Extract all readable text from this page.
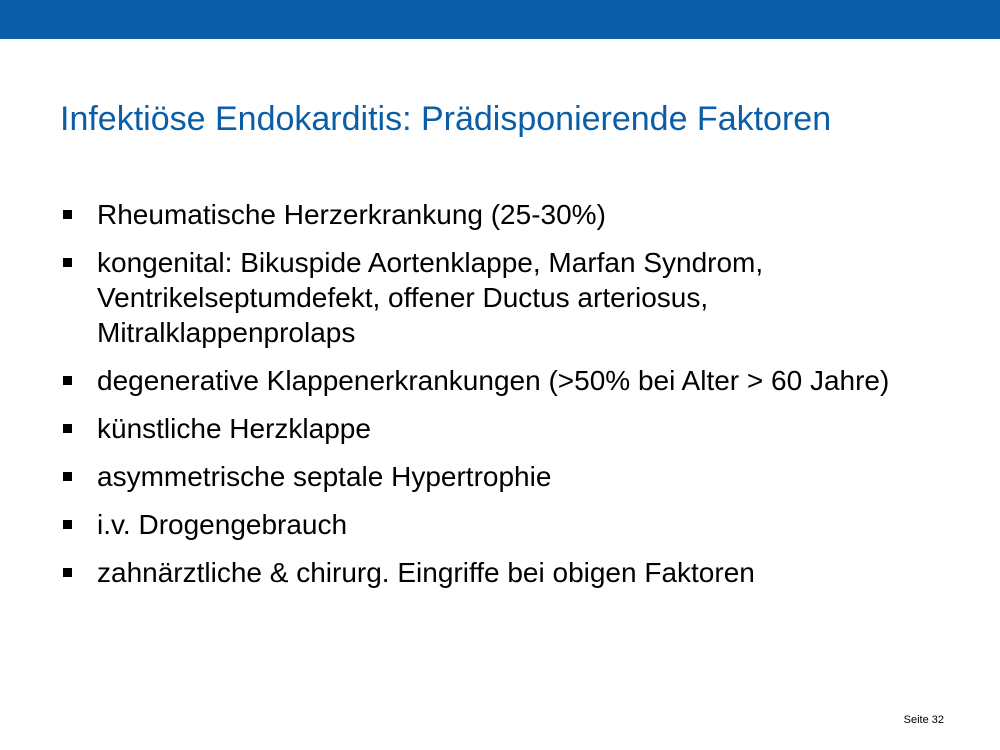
Infektiöse Endokarditis: Prädisponierende Faktoren
Rheumatische Herzerkrankung (25-30%)
kongenital: Bikuspide Aortenklappe, Marfan Syndrom, Ventrikelseptumdefekt, offener Ductus arteriosus, Mitralklappenprolaps
degenerative Klappenerkrankungen (>50% bei Alter > 60 Jahre)
künstliche Herzklappe
asymmetrische septale Hypertrophie
i.v. Drogengebrauch
zahnärztliche & chirurg. Eingriffe bei obigen Faktoren
Seite 32
